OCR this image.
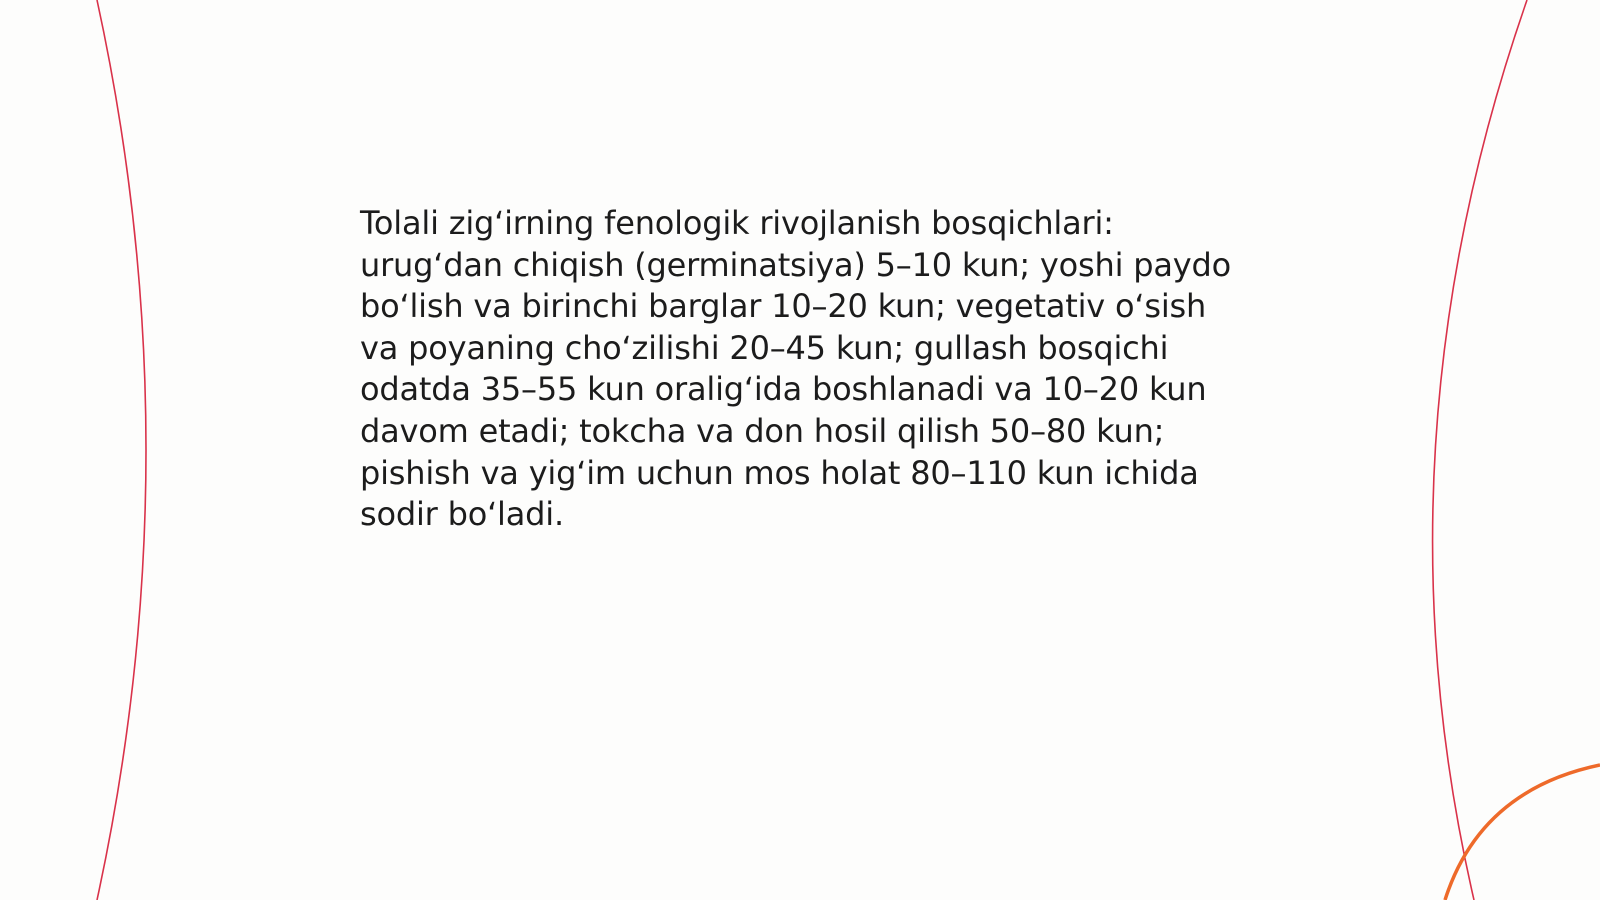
Tolali zig‘irning fenologik rivojlanish bosqichlari: urug‘dan chiqish (germinatsiya) 5–10 kun; yoshi paydo bo‘lish va birinchi barglar 10–20 kun; vegetativ o‘sish va poyaning cho‘zilishi 20–45 kun; gullash bosqichi odatda 35–55 kun oralig‘ida boshlanadi va 10–20 kun davom etadi; tokcha va don hosil qilish 50–80 kun; pishish va yig‘im uchun mos holat 80–110 kun ichida sodir bo‘ladi.
